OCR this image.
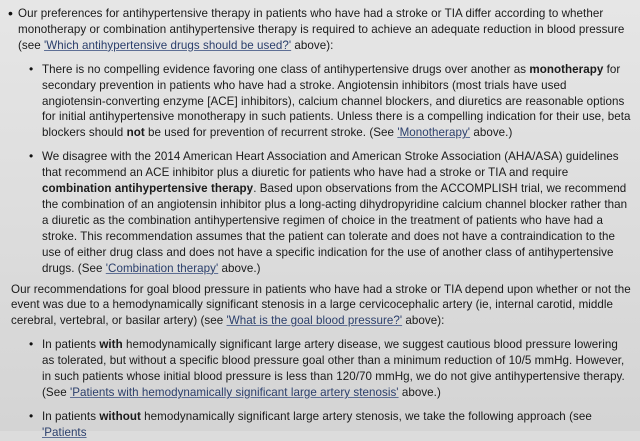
• Our preferences for antihypertensive therapy in patients who have had a stroke or TIA differ according to whether monotherapy or combination antihypertensive therapy is required to achieve an adequate reduction in blood pressure (see 'Which antihypertensive drugs should be used?' above):

• There is no compelling evidence favoring one class of antihypertensive drugs over another as monotherapy for secondary prevention in patients who have had a stroke. Angiotensin inhibitors (most trials have used angiotensin-converting enzyme [ACE] inhibitors), calcium channel blockers, and diuretics are reasonable options for initial antihypertensive monotherapy in such patients. Unless there is a compelling indication for their use, beta blockers should not be used for prevention of recurrent stroke. (See 'Monotherapy' above.)

• We disagree with the 2014 American Heart Association and American Stroke Association (AHA/ASA) guidelines that recommend an ACE inhibitor plus a diuretic for patients who have had a stroke or TIA and require combination antihypertensive therapy. Based upon observations from the ACCOMPLISH trial, we recommend the combination of an angiotensin inhibitor plus a long-acting dihydropyridine calcium channel blocker rather than a diuretic as the combination antihypertensive regimen of choice in the treatment of patients who have had a stroke. This recommendation assumes that the patient can tolerate and does not have a contraindication to the use of either drug class and does not have a specific indication for the use of another class of antihypertensive drugs. (See 'Combination therapy' above.)

Our recommendations for goal blood pressure in patients who have had a stroke or TIA depend upon whether or not the event was due to a hemodynamically significant stenosis in a large cervicocephalic artery (ie, internal carotid, middle cerebral, vertebral, or basilar artery) (see 'What is the goal blood pressure?' above):

• In patients with hemodynamically significant large artery disease, we suggest cautious blood pressure lowering as tolerated, but without a specific blood pressure goal other than a minimum reduction of 10/5 mmHg. However, in such patients whose initial blood pressure is less than 120/70 mmHg, we do not give antihypertensive therapy. (See 'Patients with hemodynamically significant large artery stenosis' above.)

• In patients without hemodynamically significant large artery stenosis, we take the following approach (see 'Patients
